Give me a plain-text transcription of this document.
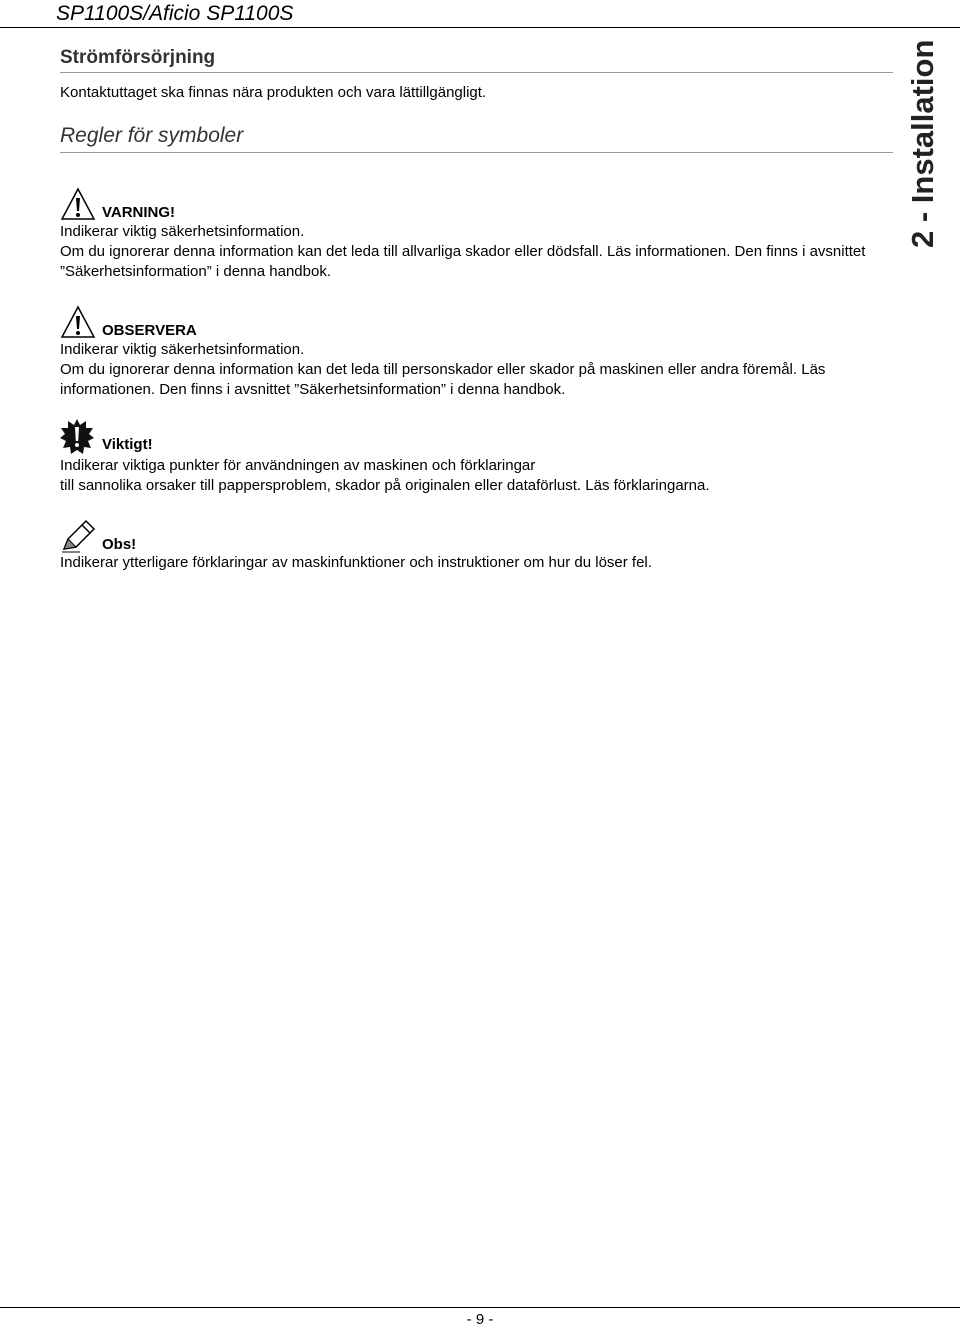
SP1100S/Aficio SP1100S
2 - Installation
Strömförsörjning
Kontaktuttaget ska finnas nära produkten och vara lättillgängligt.
Regler för symboler
VARNING!
Indikerar viktig säkerhetsinformation.
Om du ignorerar denna information kan det leda till allvarliga skador eller dödsfall. Läs informationen. Den finns i avsnittet ”Säkerhetsinformation” i denna handbok.
OBSERVERA
Indikerar viktig säkerhetsinformation.
Om du ignorerar denna information kan det leda till personskador eller skador på maskinen eller andra föremål. Läs informationen. Den finns i avsnittet ”Säkerhetsinformation” i denna handbok.
Viktigt!
Indikerar viktiga punkter för användningen av maskinen och förklaringar
till sannolika orsaker till pappersproblem, skador på originalen eller dataförlust. Läs förklaringarna.
Obs!
Indikerar ytterligare förklaringar av maskinfunktioner och instruktioner om hur du löser fel.
- 9 -
